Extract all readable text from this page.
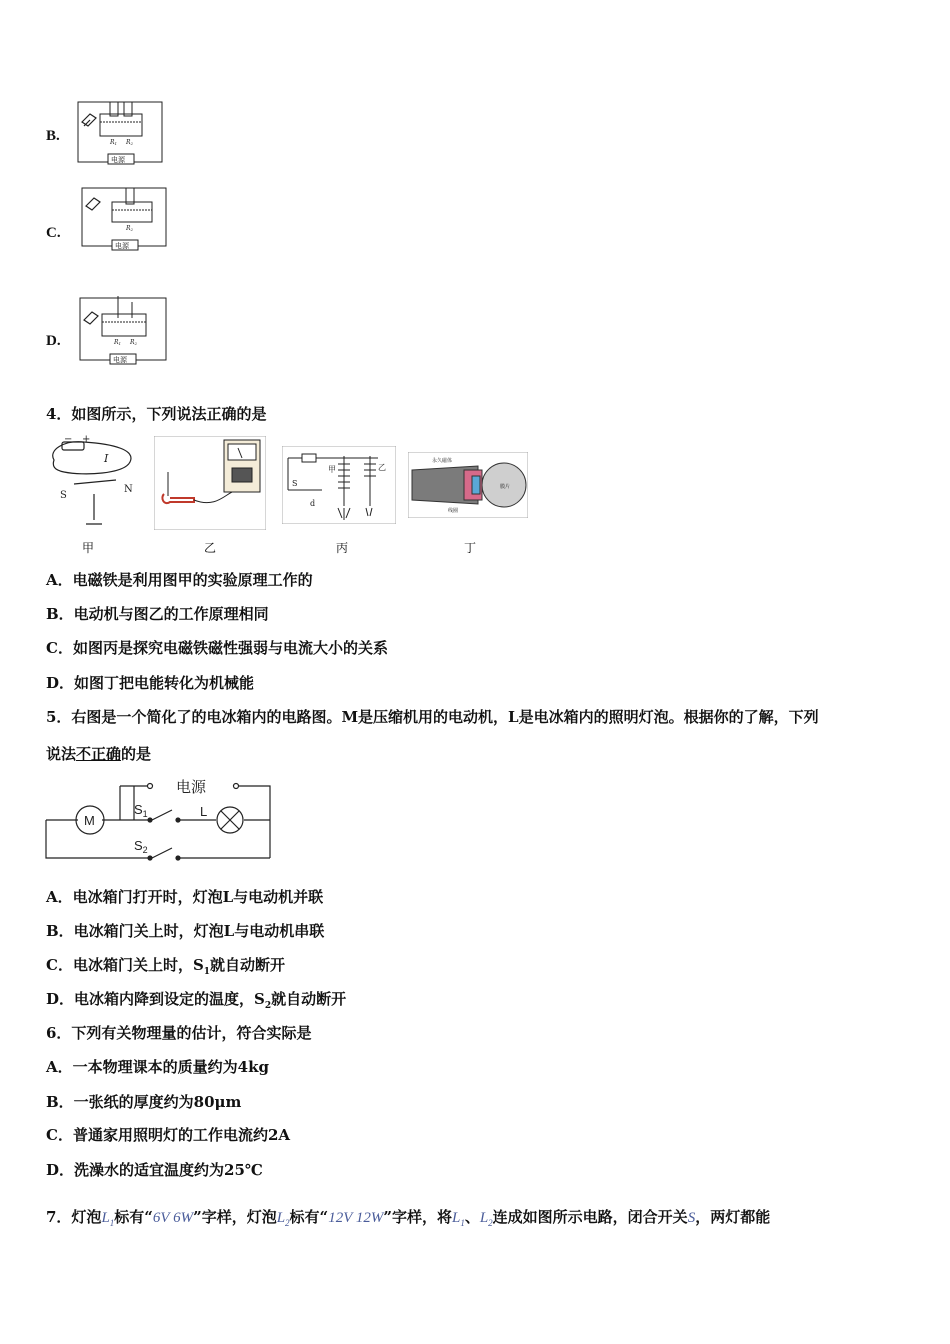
B.	R1 R2
电源
C.	R2
电源
D.	R1 R2
电源
4．如图所示，下列说法正确的是
− +
I
S
N
S
甲	乙
d
永久磁体
线圈
膜片
甲	乙	丙	丁
A．电磁铁是利用图甲的实验原理工作的
B．电动机与图乙的工作原理相同
C．如图丙是探究电磁铁磁性强弱与电流大小的关系
D．如图丁把电能转化为机械能
5．右图是一个简化了的电冰箱内的电路图。M是压缩机用的电动机，L是电冰箱内的照明灯泡。根据你的了解，下列
说法不正确的是
M
电源
L
$S_1$
$S_2$
A．电冰箱门打开时，灯泡L与电动机并联
B．电冰箱门关上时，灯泡L与电动机串联
C．电冰箱门关上时，$S_1$就自动断开
D．电冰箱内降到设定的温度，$S_2$就自动断开
6．下列有关物理量的估计，符合实际是
A．一本物理课本的质量约为4kg
B．一张纸的厚度约为80μm
C．普通家用照明灯的工作电流约2A
D．洗澡水的适宜温度约为25℃
7．灯泡$L_1$标有“6V 6W”字样，灯泡$L_2$标有“12V 12W”字样，将$L_1$、$L_2$连成如图所示电路，闭合开关S，两灯都能
